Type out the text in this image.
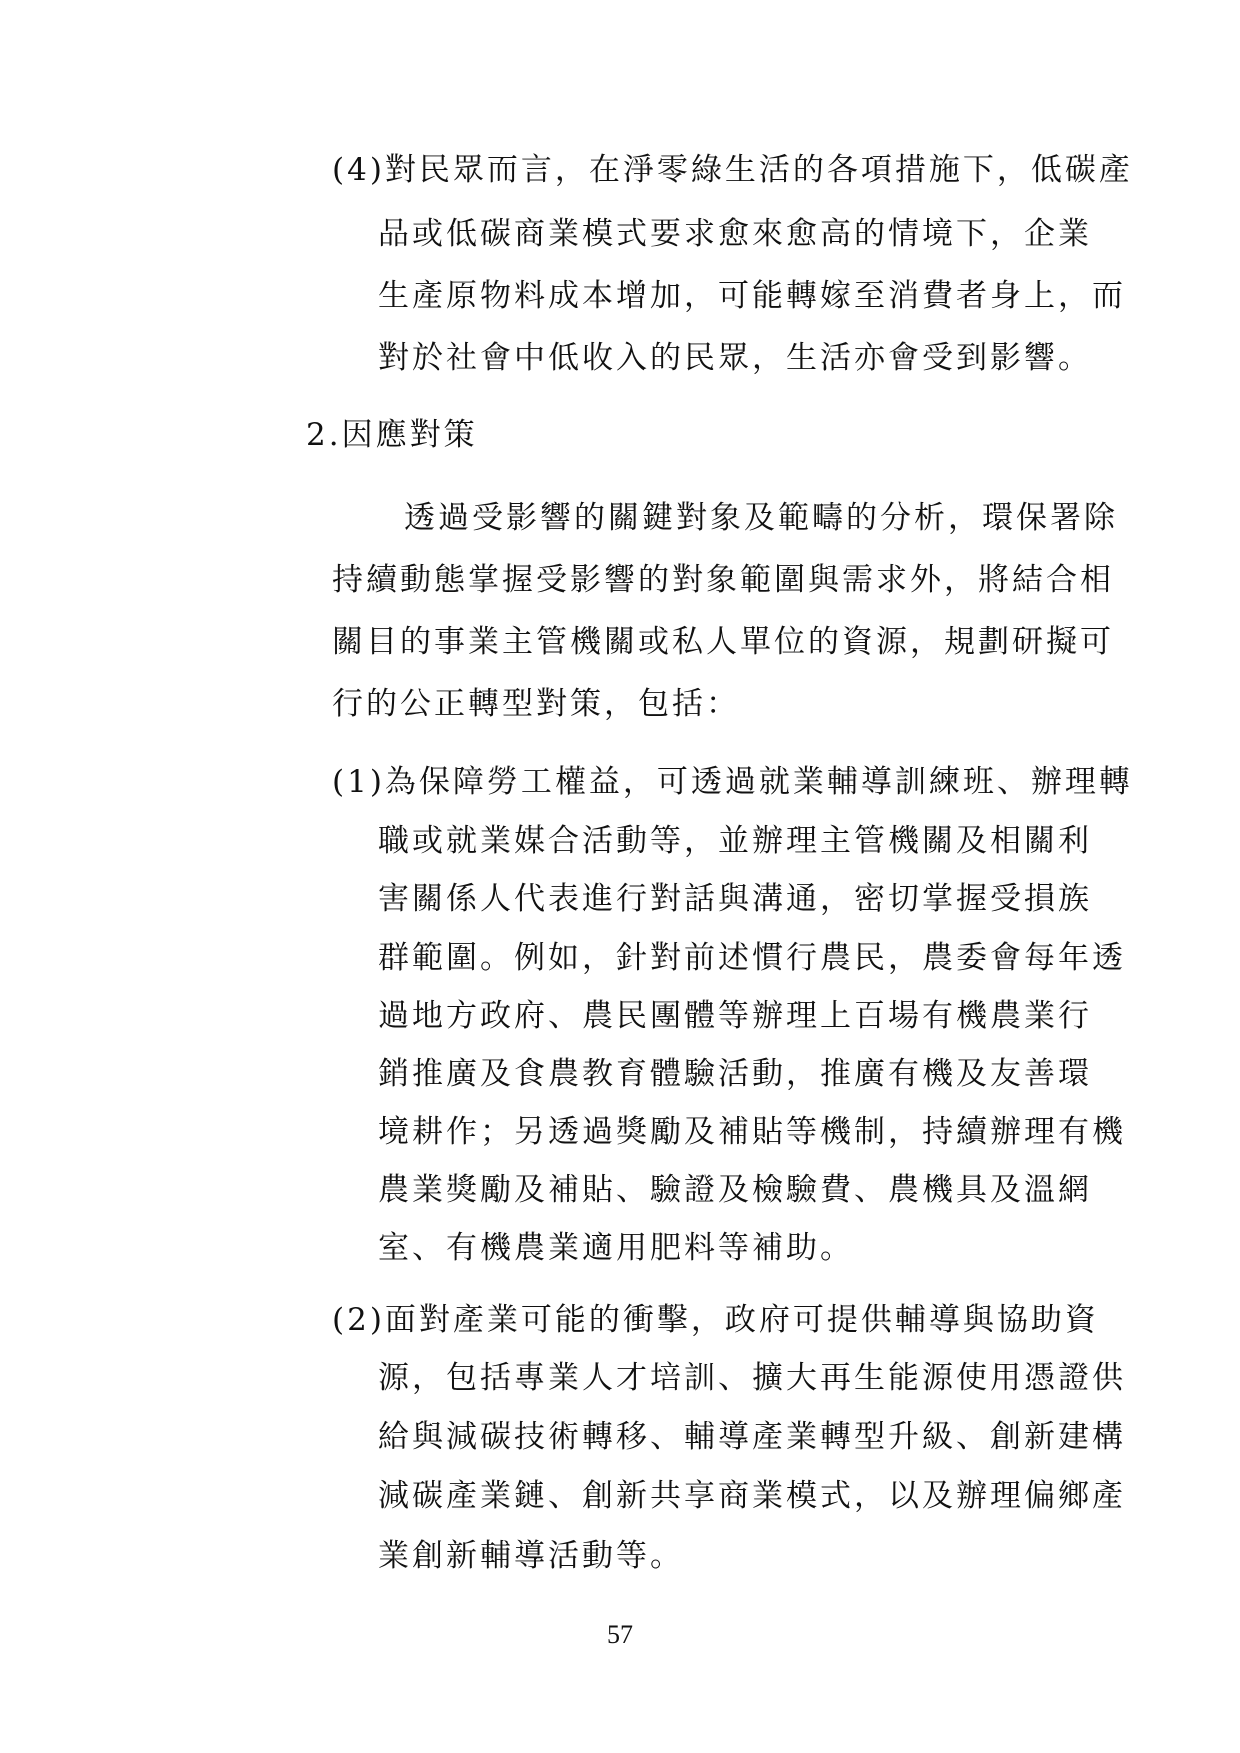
(4)對民眾而言，在淨零綠生活的各項措施下，低碳產
品或低碳商業模式要求愈來愈高的情境下，企業
生產原物料成本增加，可能轉嫁至消費者身上，而
對於社會中低收入的民眾，生活亦會受到影響。
2.因應對策
透過受影響的關鍵對象及範疇的分析，環保署除
持續動態掌握受影響的對象範圍與需求外，將結合相
關目的事業主管機關或私人單位的資源，規劃研擬可
行的公正轉型對策，包括：
(1)為保障勞工權益，可透過就業輔導訓練班、辦理轉
職或就業媒合活動等，並辦理主管機關及相關利
害關係人代表進行對話與溝通，密切掌握受損族
群範圍。例如，針對前述慣行農民，農委會每年透
過地方政府、農民團體等辦理上百場有機農業行
銷推廣及食農教育體驗活動，推廣有機及友善環
境耕作；另透過獎勵及補貼等機制，持續辦理有機
農業獎勵及補貼、驗證及檢驗費、農機具及溫網
室、有機農業適用肥料等補助。
(2)面對產業可能的衝擊，政府可提供輔導與協助資
源，包括專業人才培訓、擴大再生能源使用憑證供
給與減碳技術轉移、輔導產業轉型升級、創新建構
減碳產業鏈、創新共享商業模式，以及辦理偏鄉產
業創新輔導活動等。
57
